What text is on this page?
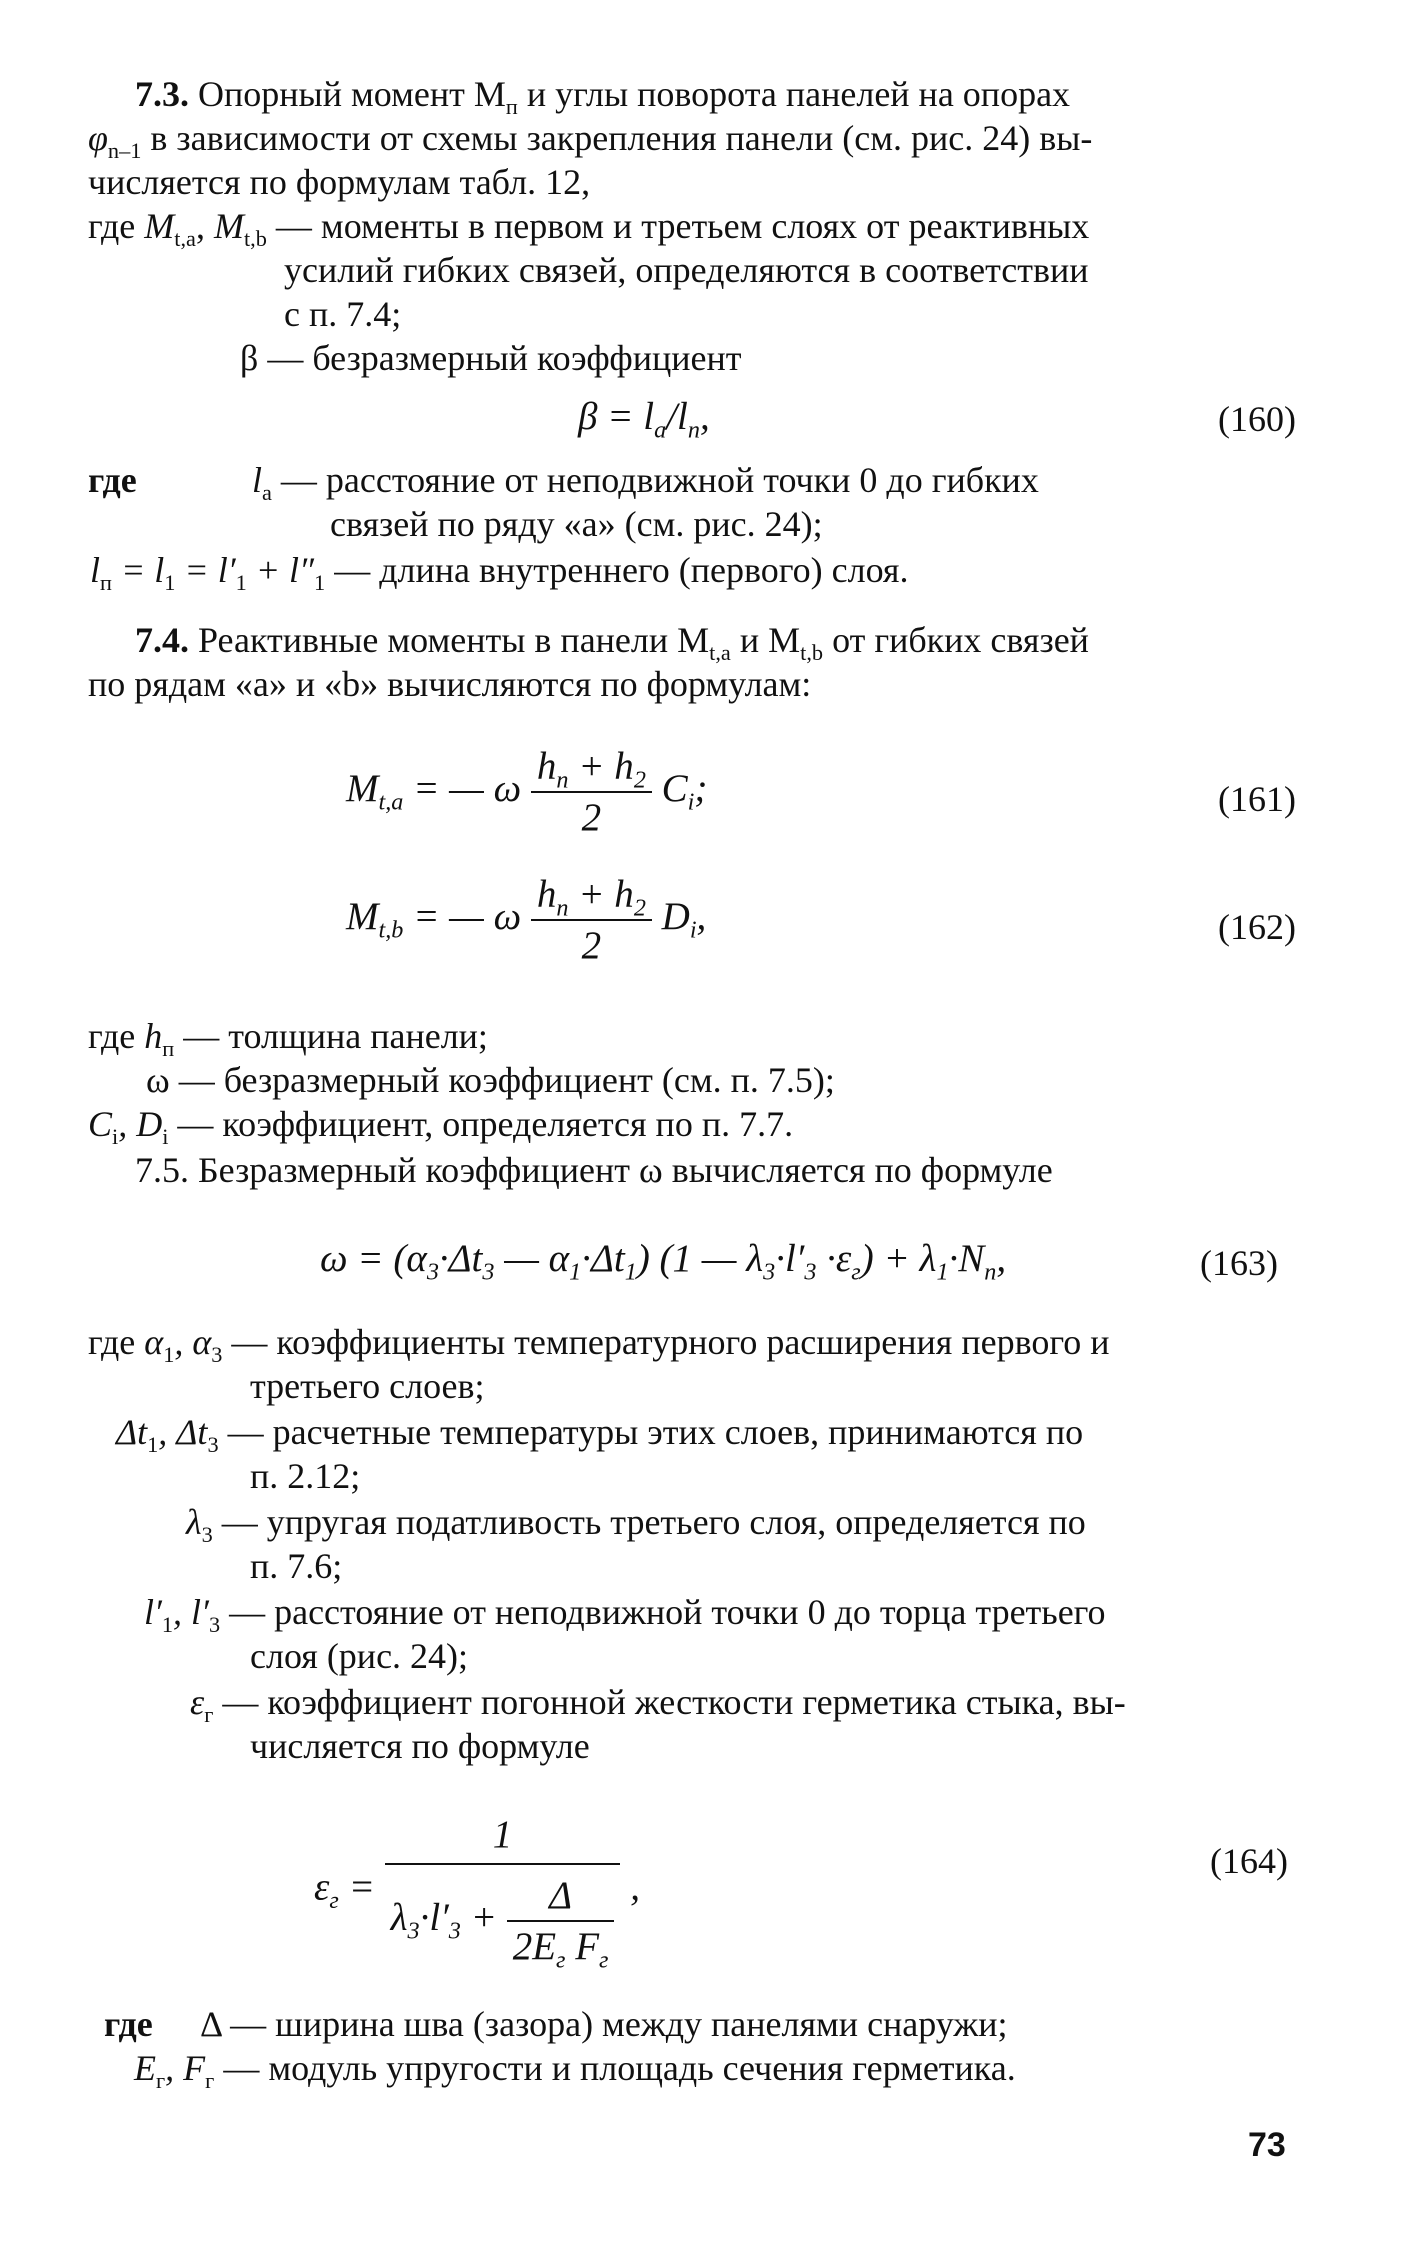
7.3. Опорный момент $M_п$ и углы поворота панелей на опорах
$\varphi_{n-1}$ в зависимости от схемы закрепления панели (см. рис. 24) вы-
числяется по формулам табл. 12,
где $M_{t,a}$, $M_{t,b}$ — моменты в первом и третьем слоях от реактивных
усилий гибких связей, определяются в соответствии
с п. 7.4;
β — безразмерный коэффициент
$\beta = l_a/l_п$,	(160)
где	$l_a$ — расстояние от неподвижной точки 0 до гибких
связей по ряду «a» (см. рис. 24);
$l_п = l_1 = l'_1 + l''_1$ — длина внутреннего (первого) слоя.
7.4. Реактивные моменты в панели $M_{t,a}$ и $M_{t,b}$ от гибких связей
по рядам «a» и «b» вычисляются по формулам:
$M_{t,a}$ = — ω $\frac{h_п + h_2}{2} C_i$;	(161)
$M_{t,b}$ = — ω $\frac{h_п + h_2}{2} D_i$,	(162)
где $h_п$ — толщина панели;
ω — безразмерный коэффициент (см. п. 7.5);
$C_i$, $D_i$ — коэффициент, определяется по п. 7.7.
7.5. Безразмерный коэффициент ω вычисляется по формуле
$\omega = (\alpha_3\cdot\Delta t_3$ — $\alpha_1\cdot\Delta t_1$) (1 — $\lambda_3\cdot l'_3 \cdot\varepsilon_г) + \lambda_1\cdot N_п$,	(163)
где $\alpha_1$, $\alpha_3$ — коэффициенты температурного расширения первого и
третьего слоев;
$\Delta t_1$, $\Delta t_3$ — расчетные температуры этих слоев, принимаются по
п. 2.12;
$\lambda_3$ — упругая податливость третьего слоя, определяется по
п. 7.6;
$l'_1$, $l'_3$ — расстояние от неподвижной точки 0 до торца третьего
слоя (рис. 24);
$\varepsilon_г$ — коэффициент погонной жесткости герметика стыка, вы-
числяется по формуле
$\varepsilon_г = \frac{1}{\lambda_3\cdot l'_3 + \frac{\Delta}{2E_г F_г}}$ ,
(164)
где Δ — ширина шва (зазора) между панелями снаружи;
$E_г$, $F_г$ — модуль упругости и площадь сечения герметика.
73
